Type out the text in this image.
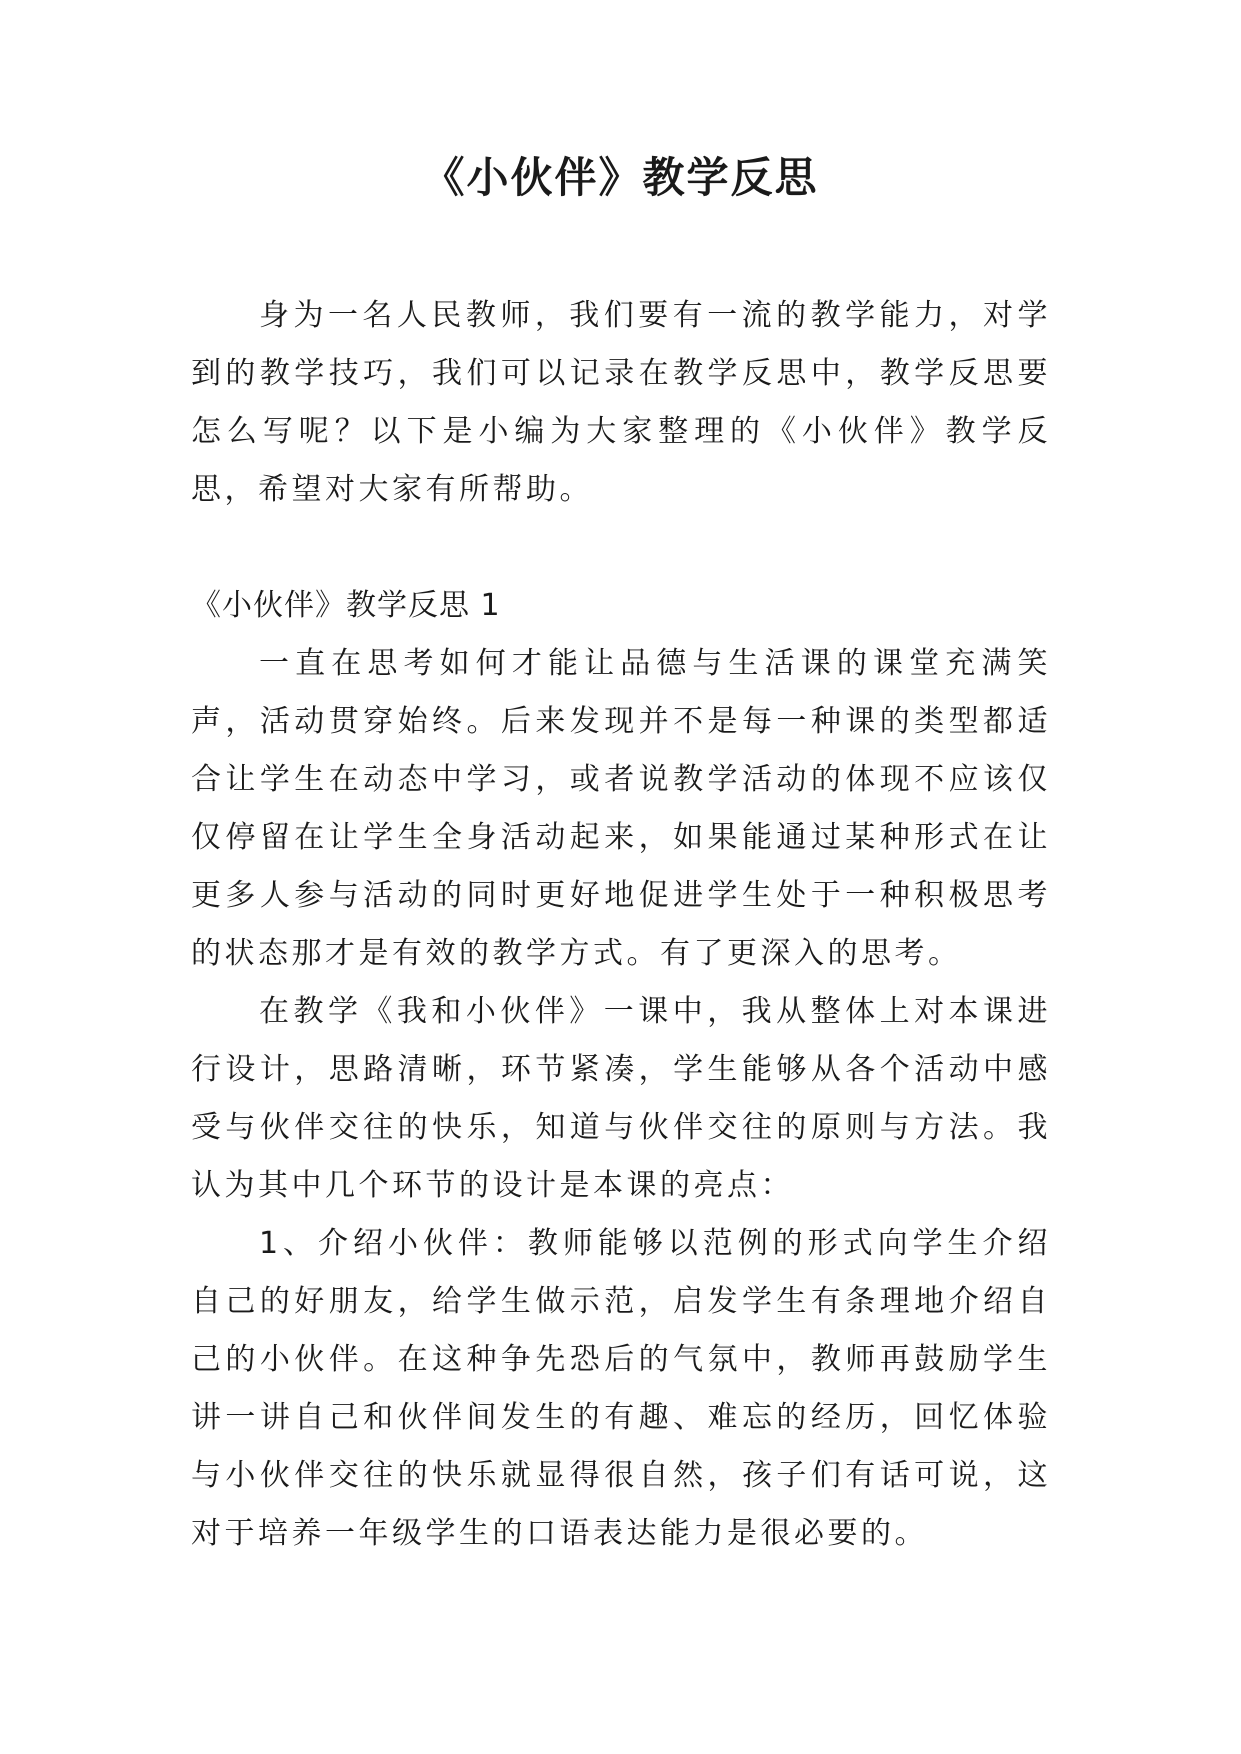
《小伙伴》教学反思

身为一名人民教师，我们要有一流的教学能力，对学到的教学技巧，我们可以记录在教学反思中，教学反思要怎么写呢？以下是小编为大家整理的《小伙伴》教学反思，希望对大家有所帮助。

《小伙伴》教学反思 1

一直在思考如何才能让品德与生活课的课堂充满笑声，活动贯穿始终。后来发现并不是每一种课的类型都适合让学生在动态中学习，或者说教学活动的体现不应该仅仅停留在让学生全身活动起来，如果能通过某种形式在让更多人参与活动的同时更好地促进学生处于一种积极思考的状态那才是有效的教学方式。有了更深入的思考。

在教学《我和小伙伴》一课中，我从整体上对本课进行设计，思路清晰，环节紧凑，学生能够从各个活动中感受与伙伴交往的快乐，知道与伙伴交往的原则与方法。我认为其中几个环节的设计是本课的亮点：

1、介绍小伙伴：教师能够以范例的形式向学生介绍自己的好朋友，给学生做示范，启发学生有条理地介绍自己的小伙伴。在这种争先恐后的气氛中，教师再鼓励学生讲一讲自己和伙伴间发生的有趣、难忘的经历，回忆体验与小伙伴交往的快乐就显得很自然，孩子们有话可说，这对于培养一年级学生的口语表达能力是很必要的。
